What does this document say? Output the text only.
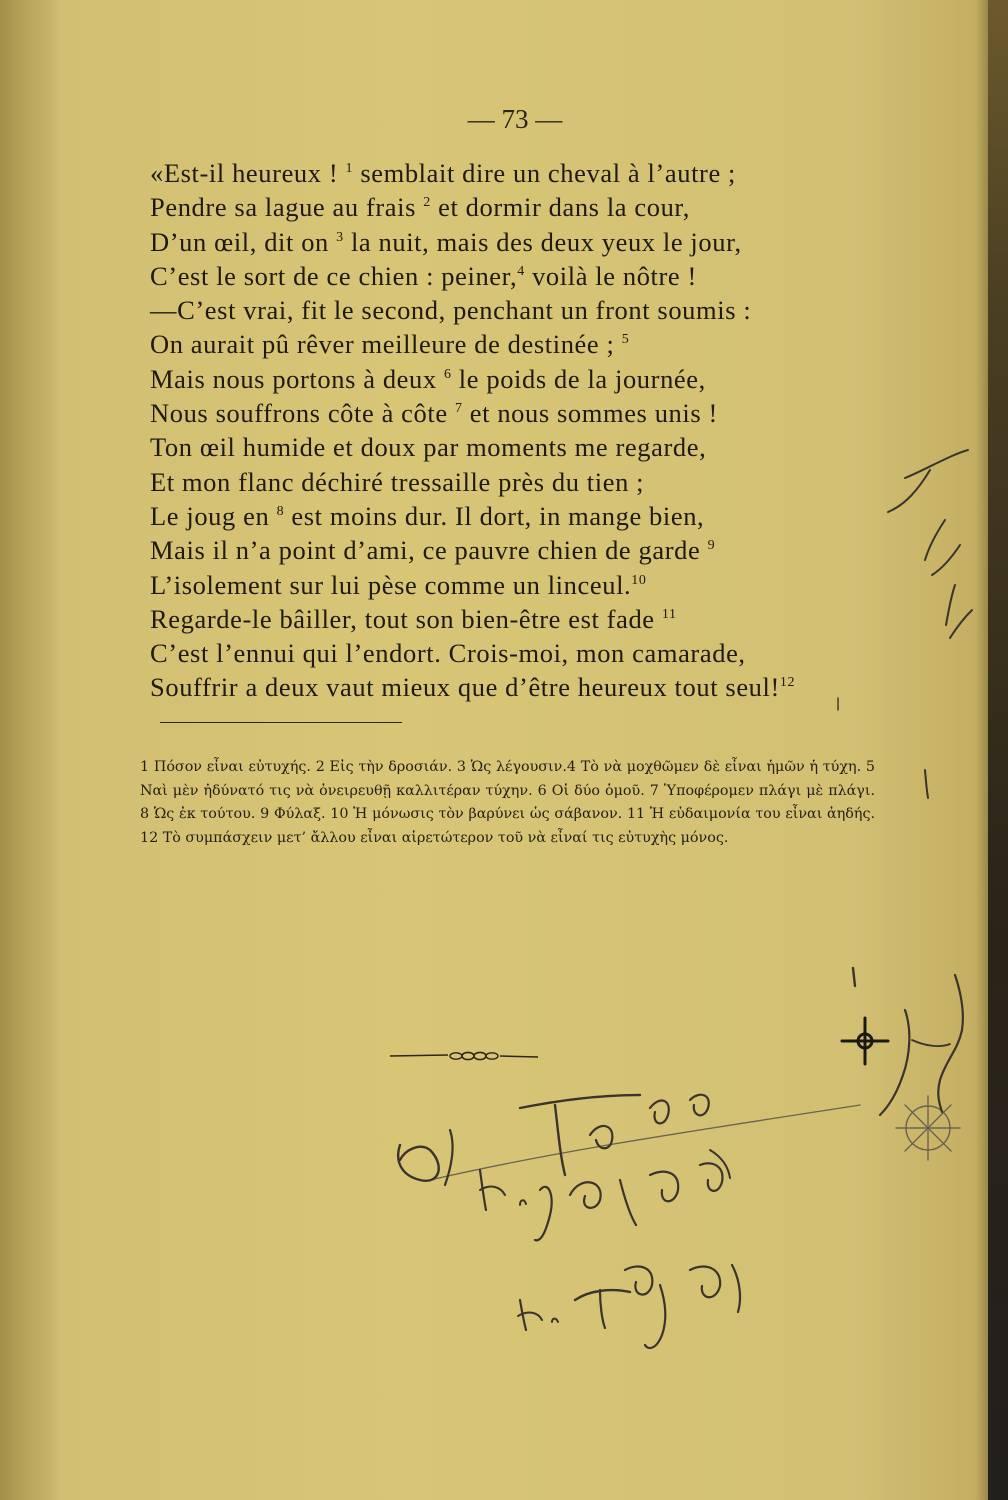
— 73 —
«Est-il heureux ! $^1$ semblait dire un cheval à l’autre ;
Pendre sa lague au frais $^2$ et dormir dans la cour,
D’un œil, dit on $^3$ la nuit, mais des deux yeux le jour,
C’est le sort de ce chien : peiner,$^4$ voilà le nôtre !
—C’est vrai, fit le second, penchant un front soumis :
On aurait pû rêver meilleure de destinée ; $^5$
Mais nous portons à deux $^6$ le poids de la journée,
Nous souffrons côte à côte $^7$ et nous sommes unis !
Ton œil humide et doux par moments me regarde,
Et mon flanc déchiré tressaille près du tien ;
Le joug en $^8$ est moins dur. Il dort, in mange bien,
Mais il n’a point d’ami, ce pauvre chien de garde $^9$
L’isolement sur lui pèse comme un linceul.$^{10}$
Regarde-le bâiller, tout son bien-être est fade $^{11}$
C’est l’ennui qui l’endort. Crois-moi, mon camarade,
Souffrir a deux vaut mieux que d’être heureux tout seul!$^{12}$
1 Πόσον εἶναι εὐτυχής. 2 Εἰς τὴν δροσιάν. 3 Ὡς λέγουσιν.4 Τὸ νὰ μοχθῶμεν δὲ εἶναι ἡμῶν ἡ τύχη. 5 Ναὶ μὲν ἠδύνατό τις νὰ ὀνειρευθῇ καλλιτέραν τύχην. 6 Οἱ δύο ὁμοῦ. 7 Ὑποφέρομεν πλάγι μὲ πλάγι. 8 Ὡς ἐκ τούτου. 9 Φύλαξ. 10 Ἡ μόνωσις τὸν βαρύνει ὡς σάβανον. 11 Ἡ εὐδαιμονία του εἶναι ἀηδής. 12 Τὸ συμπάσχειν μετ’ ἄλλου εἶναι αἱρετώτερον τοῦ νὰ εἶναί τις εὐτυχὴς μόνος.
